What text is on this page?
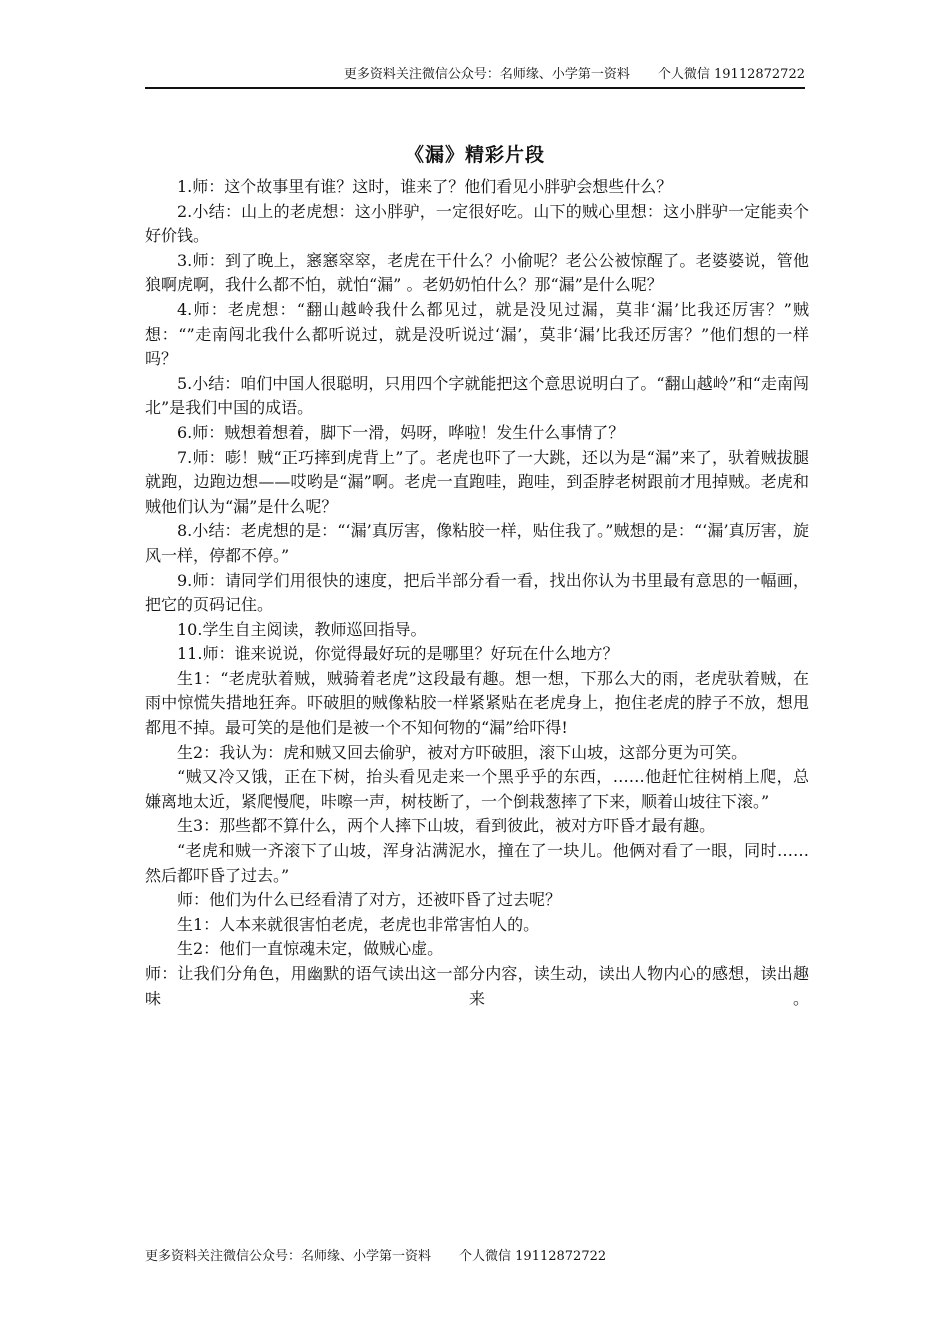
更多资料关注微信公众号：名师缘、小学第一资料 个人微信 19112872722
《漏》精彩片段

1.师：这个故事里有谁？这时，谁来了？他们看见小胖驴会想些什么？

2.小结：山上的老虎想：这小胖驴，一定很好吃。山下的贼心里想：这小胖驴一定能卖个好价钱。

3.师：到了晚上，窸窸窣窣，老虎在干什么？小偷呢？老公公被惊醒了。老婆婆说，管他狼啊虎啊，我什么都不怕，就怕“漏” 。老奶奶怕什么？那“漏”是什么呢？

4.师：老虎想：“翻山越岭我什么都见过，就是没见过漏，莫非‘漏’比我还厉害？”贼想：“”走南闯北我什么都听说过，就是没听说过‘漏’，莫非‘漏’比我还厉害？”他们想的一样吗？

5.小结：咱们中国人很聪明，只用四个字就能把这个意思说明白了。“翻山越岭”和“走南闯北”是我们中国的成语。

6.师：贼想着想着，脚下一滑，妈呀，哗啦！发生什么事情了？

7.师：嘭！贼“正巧摔到虎背上”了。老虎也吓了一大跳，还以为是“漏”来了，驮着贼拔腿就跑，边跑边想——哎哟是“漏”啊。老虎一直跑哇，跑哇，到歪脖老树跟前才甩掉贼。老虎和贼他们认为“漏”是什么呢？

8.小结：老虎想的是：“‘漏’真厉害，像粘胶一样，贴住我了。”贼想的是：“‘漏’真厉害，旋风一样，停都不停。”

9.师：请同学们用很快的速度，把后半部分看一看，找出你认为书里最有意思的一幅画，把它的页码记住。

10.学生自主阅读，教师巡回指导。

11.师：谁来说说，你觉得最好玩的是哪里？好玩在什么地方？

生1：“老虎驮着贼，贼骑着老虎”这段最有趣。想一想，下那么大的雨，老虎驮着贼，在雨中惊慌失措地狂奔。吓破胆的贼像粘胶一样紧紧贴在老虎身上，抱住老虎的脖子不放，想甩都甩不掉。最可笑的是他们是被一个不知何物的“漏”给吓得!

生2：我认为：虎和贼又回去偷驴，被对方吓破胆，滚下山坡，这部分更为可笑。

“贼又冷又饿，正在下树，抬头看见走来一个黑乎乎的东西，……他赶忙往树梢上爬，总嫌离地太近，紧爬慢爬，咔嚓一声，树枝断了，一个倒栽葱摔了下来，顺着山坡往下滚。”

生3：那些都不算什么，两个人摔下山坡，看到彼此，被对方吓昏才最有趣。

“老虎和贼一齐滚下了山坡，浑身沾满泥水，撞在了一块儿。他俩对看了一眼，同时……然后都吓昏了过去。”

师：他们为什么已经看清了对方，还被吓昏了过去呢？

生1：人本来就很害怕老虎，老虎也非常害怕人的。

生2：他们一直惊魂未定，做贼心虚。

师：让我们分角色，用幽默的语气读出这一部分内容，读生动，读出人物内心的感想，读出趣味来。

更多资料关注微信公众号：名师缘、小学第一资料 个人微信 19112872722
